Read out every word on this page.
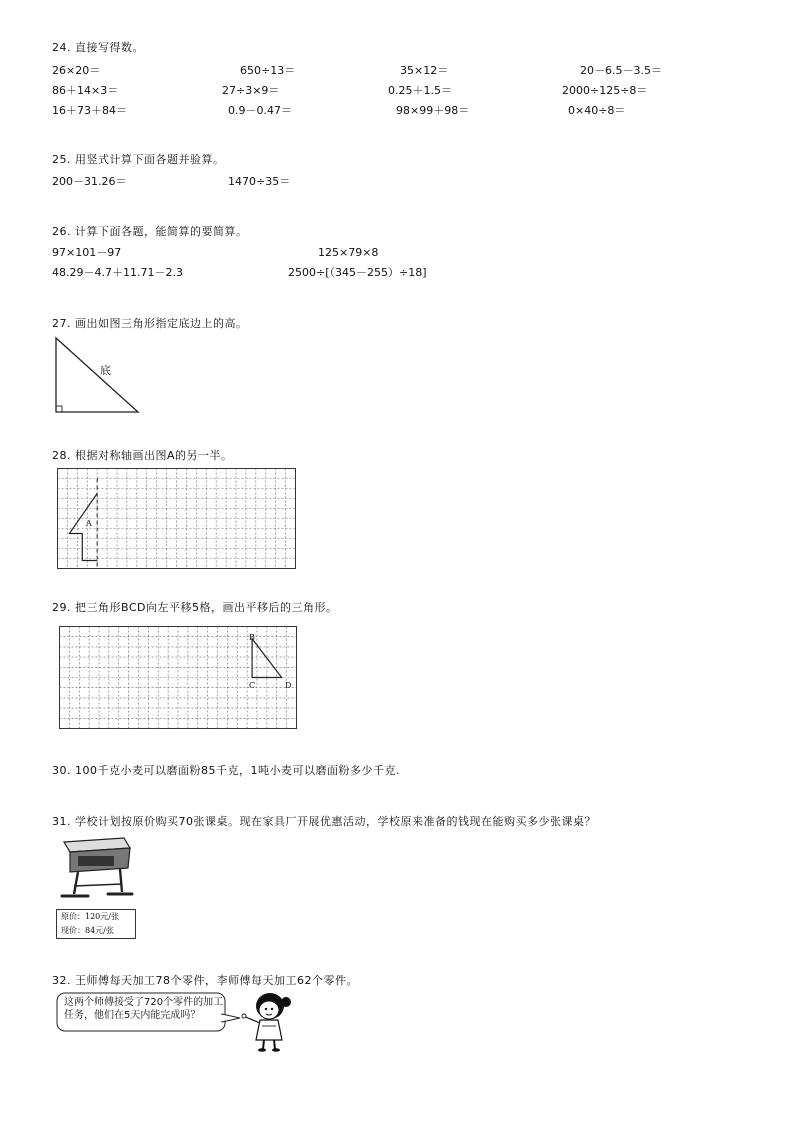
24. 直接写得数。
26×20＝	650÷13＝	35×12＝	20－6.5－3.5＝
86＋14×3＝	27÷3×9＝	0.25＋1.5＝	2000÷125÷8＝
16＋73＋84＝	0.9－0.47＝	98×99＋98＝	0×40÷8＝
25. 用竖式计算下面各题并验算。
200－31.26＝	1470÷35＝
26. 计算下面各题，能简算的要简算。
97×101－97	125×79×8
48.29－4.7＋11.71－2.3	2500÷[（345－255）÷18]
27. 画出如图三角形指定底边上的高。
底
28. 根据对称轴画出图A的另一半。
A
29. 把三角形BCD向左平移5格，画出平移后的三角形。
B
C	D
30. 100千克小麦可以磨面粉85千克，1吨小麦可以磨面粉多少千克.
31. 学校计划按原价购买70张课桌。现在家具厂开展优惠活动，学校原来准备的钱现在能购买多少张课桌？
原价：120元/张
现价：84元/张
32. 王师傅每天加工78个零件，李师傅每天加工62个零件。
这两个师傅接受了720个零件的加工任务，他们在5天内能完成吗？
